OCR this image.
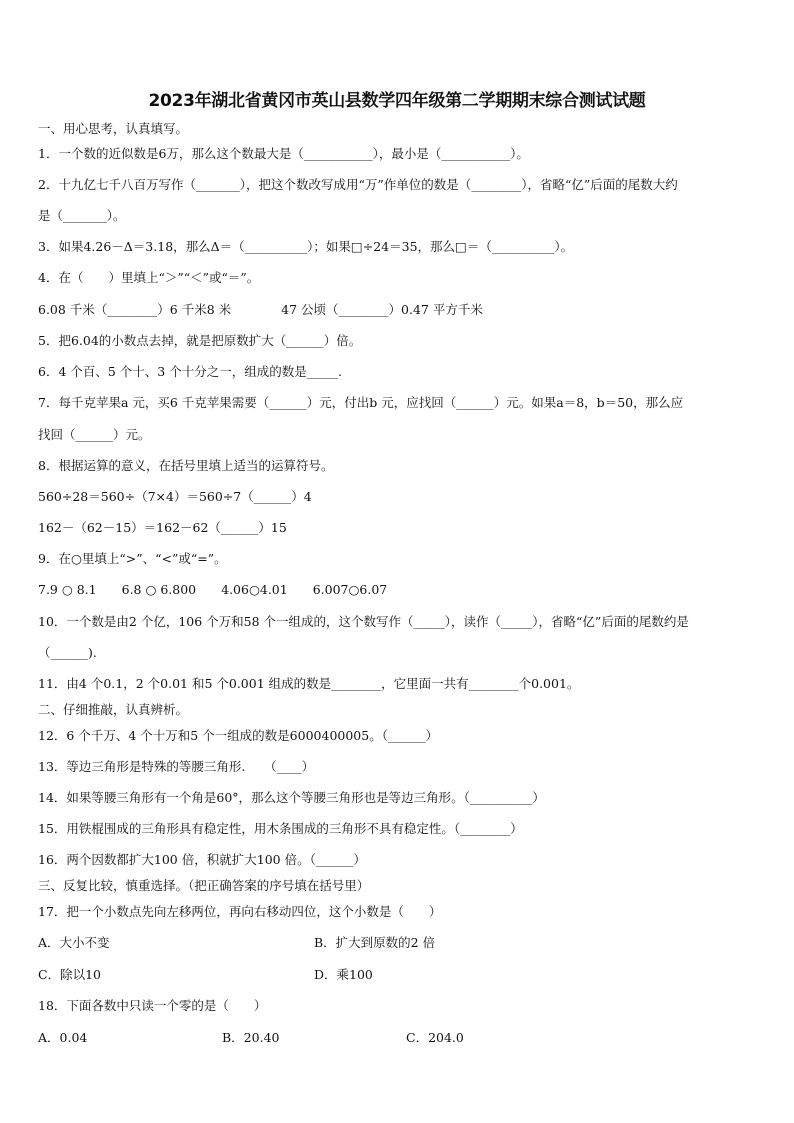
2023年湖北省黄冈市英山县数学四年级第二学期期末综合测试试题
一、用心思考，认真填写。
1．一个数的近似数是6万，那么这个数最大是（___________），最小是（___________）。
2．十九亿七千八百万写作（_______），把这个数改写成用“万”作单位的数是（________），省略“亿”后面的尾数大约
是（_______）。
3．如果4.26－Δ＝3.18，那么Δ＝（__________）；如果□÷24＝35，那么□＝（__________）。
4．在（　　）里填上“＞”“＜”或“＝”。
6.08 千米（________）6 千米8 米　　　　47 公顷（________）0.47 平方千米
5．把6.04的小数点去掉，就是把原数扩大（______）倍。
6．4 个百、5 个十、3 个十分之一，组成的数是_____.
7．每千克苹果a 元，买6 千克苹果需要（______）元，付出b 元，应找回（______）元。如果a＝8，b＝50，那么应
找回（______）元。
8．根据运算的意义，在括号里填上适当的运算符号。
560÷28＝560÷（7×4）＝560÷7（______）4
162－（62－15）＝162－62（______）15
9．在○里填上“>”、“<”或“=”。
7.9 ○ 8.1　　6.8 ○ 6.800　　4.06○4.01　　6.007○6.07
10．一个数是由2 个亿，106 个万和58 个一组成的，这个数写作（_____），读作（_____），省略“亿”后面的尾数约是
（______).
11．由4 个0.1，2 个0.01 和5 个0.001 组成的数是________，它里面一共有________个0.001。
二、仔细推敲，认真辨析。
12．6 个千万、4 个十万和5 个一组成的数是6000400005。（______）
13．等边三角形是特殊的等腰三角形.　　（____）
14．如果等腰三角形有一个角是60°，那么这个等腰三角形也是等边三角形。（__________）
15．用铁棍围成的三角形具有稳定性，用木条围成的三角形不具有稳定性。（________）
16．两个因数都扩大100 倍，积就扩大100 倍。（______）
三、反复比较，慎重选择。（把正确答案的序号填在括号里）
17．把一个小数点先向左移两位，再向右移动四位，这个小数是（　　）
A．大小不变	B．扩大到原数的2 倍
C．除以10	D．乘100
18．下面各数中只读一个零的是（　　）
A．0.04	B．20.40	C．204.0
